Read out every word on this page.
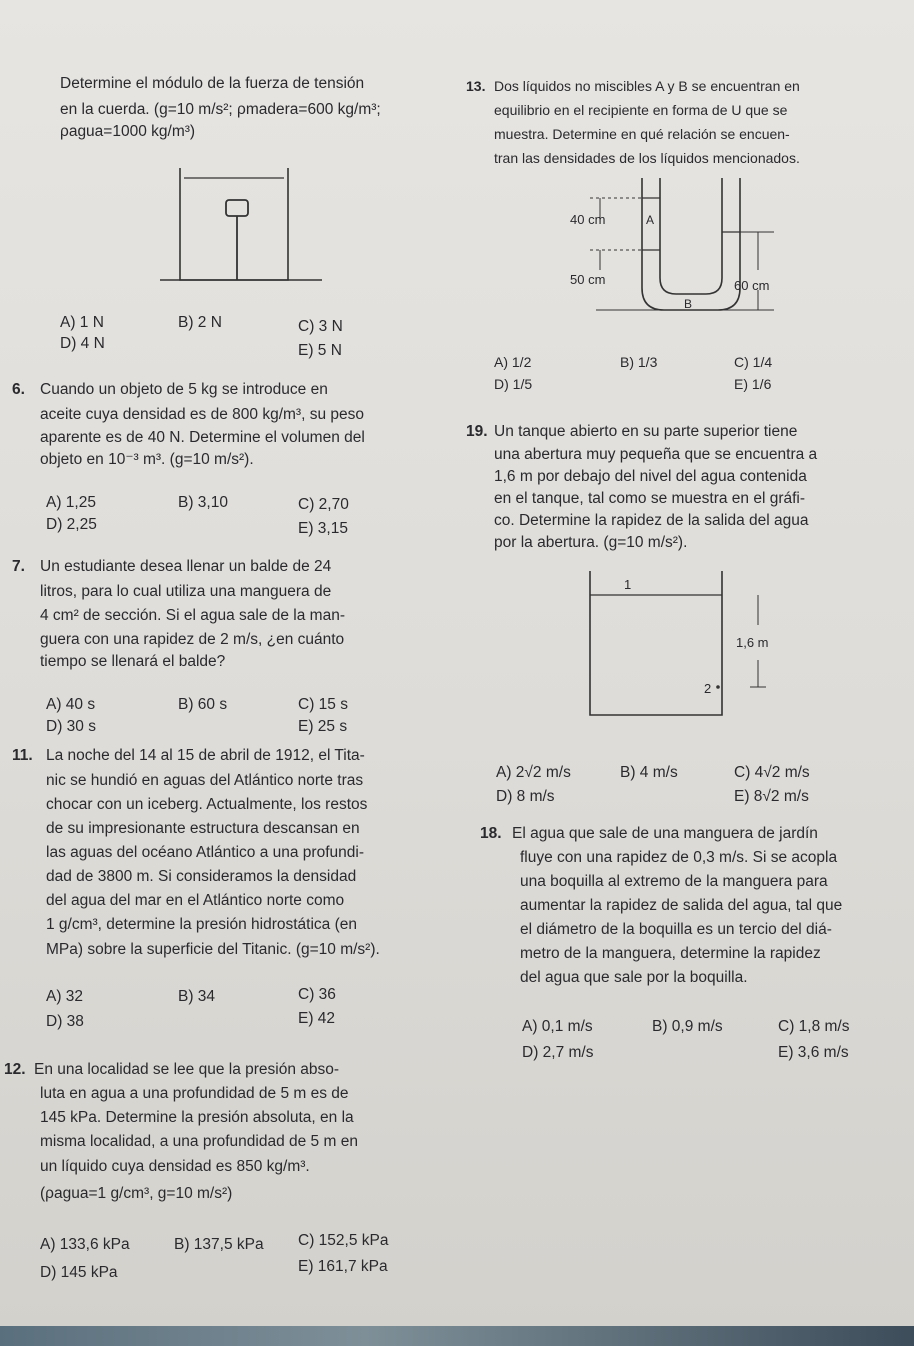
Determine el módulo de la fuerza de tensión
en la cuerda. (g=10 m/s²; ρmadera=600 kg/m³;
ρagua=1000 kg/m³)
A) 1 N	B) 2 N	C) 3 N
D) 4 N	E) 5 N
6. Cuando un objeto de 5 kg se introduce en
aceite cuya densidad es de 800 kg/m³, su peso
aparente es de 40 N. Determine el volumen del
objeto en 10⁻³ m³. (g=10 m/s²).
A) 1,25	B) 3,10	C) 2,70
D) 2,25	E) 3,15
7. Un estudiante desea llenar un balde de 24
litros, para lo cual utiliza una manguera de
4 cm² de sección. Si el agua sale de la man-
guera con una rapidez de 2 m/s, ¿en cuánto
tiempo se llenará el balde?
A) 40 s	B) 60 s	C) 15 s
D) 30 s	E) 25 s
11. La noche del 14 al 15 de abril de 1912, el Tita-
nic se hundió en aguas del Atlántico norte tras
chocar con un iceberg. Actualmente, los restos
de su impresionante estructura descansan en
las aguas del océano Atlántico a una profundi-
dad de 3800 m. Si consideramos la densidad
del agua del mar en el Atlántico norte como
1 g/cm³, determine la presión hidrostática (en
MPa) sobre la superficie del Titanic. (g=10 m/s²).
A) 32	B) 34	C) 36
D) 38	E) 42
12. En una localidad se lee que la presión abso-
luta en agua a una profundidad de 5 m es de
145 kPa. Determine la presión absoluta, en la
misma localidad, a una profundidad de 5 m en
un líquido cuya densidad es 850 kg/m³.
(ρagua=1 g/cm³, g=10 m/s²)
A) 133,6 kPa	B) 137,5 kPa C) 152,5 kPa
D) 145 kPa	E) 161,7 kPa
13. Dos líquidos no miscibles A y B se encuentran en
equilibrio en el recipiente en forma de U que se
muestra. Determine en qué relación se encuen-
tran las densidades de los líquidos mencionados.
40 cm
50 cm	60 cm
A
B
A) 1/2	B) 1/3	C) 1/4
D) 1/5	E) 1/6
19. Un tanque abierto en su parte superior tiene
una abertura muy pequeña que se encuentra a
1,6 m por debajo del nivel del agua contenida
en el tanque, tal como se muestra en el gráfi-
co. Determine la rapidez de la salida del agua
por la abertura. (g=10 m/s²).
1
2
1,6 m
A) 2√2 m/s	B) 4 m/s	C) 4√2 m/s
D) 8 m/s	E) 8√2 m/s
18. El agua que sale de una manguera de jardín
fluye con una rapidez de 0,3 m/s. Si se acopla
una boquilla al extremo de la manguera para
aumentar la rapidez de salida del agua, tal que
el diámetro de la boquilla es un tercio del diá-
metro de la manguera, determine la rapidez
del agua que sale por la boquilla.
A) 0,1 m/s	B) 0,9 m/s	C) 1,8 m/s
D) 2,7 m/s	E) 3,6 m/s
